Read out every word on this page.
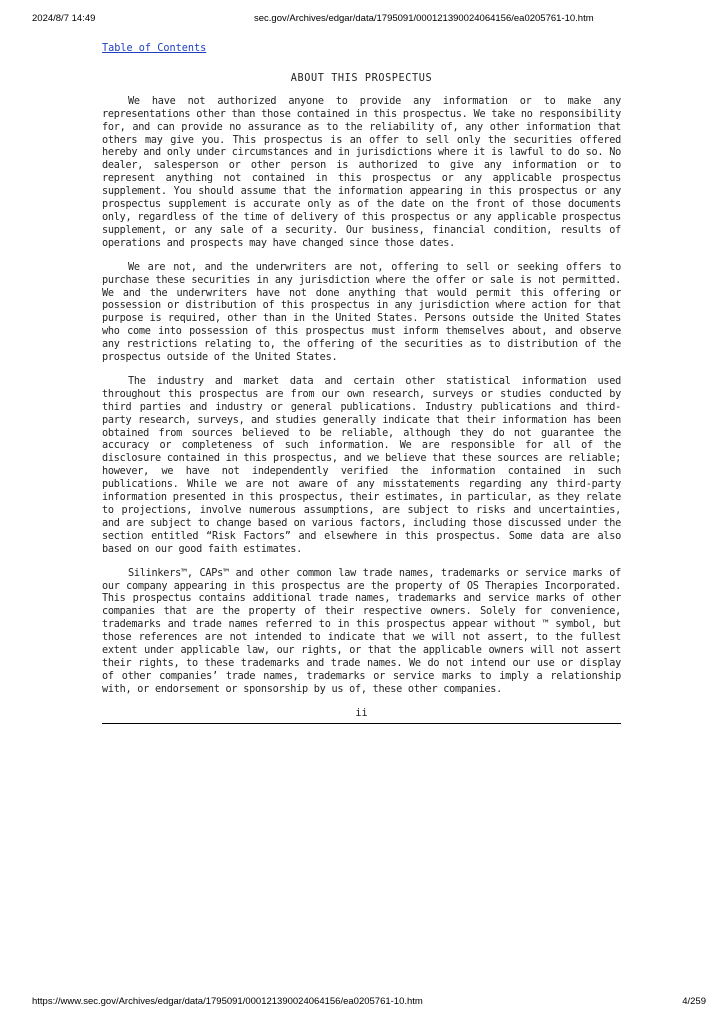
2024/8/7 14:49	sec.gov/Archives/edgar/data/1795091/000121390024064156/ea0205761-10.htm
Table of Contents
ABOUT THIS PROSPECTUS

We have not authorized anyone to provide any information or to make any representations other than those contained in this prospectus. We take no responsibility for, and can provide no assurance as to the reliability of, any other information that others may give you. This prospectus is an offer to sell only the securities offered hereby and only under circumstances and in jurisdictions where it is lawful to do so. No dealer, salesperson or other person is authorized to give any information or to represent anything not contained in this prospectus or any applicable prospectus supplement. You should assume that the information appearing in this prospectus or any prospectus supplement is accurate only as of the date on the front of those documents only, regardless of the time of delivery of this prospectus or any applicable prospectus supplement, or any sale of a security. Our business, financial condition, results of operations and prospects may have changed since those dates.

We are not, and the underwriters are not, offering to sell or seeking offers to purchase these securities in any jurisdiction where the offer or sale is not permitted. We and the underwriters have not done anything that would permit this offering or possession or distribution of this prospectus in any jurisdiction where action for that purpose is required, other than in the United States. Persons outside the United States who come into possession of this prospectus must inform themselves about, and observe any restrictions relating to, the offering of the securities as to distribution of the prospectus outside of the United States.

The industry and market data and certain other statistical information used throughout this prospectus are from our own research, surveys or studies conducted by third parties and industry or general publications. Industry publications and third-party research, surveys, and studies generally indicate that their information has been obtained from sources believed to be reliable, although they do not guarantee the accuracy or completeness of such information. We are responsible for all of the disclosure contained in this prospectus, and we believe that these sources are reliable; however, we have not independently verified the information contained in such publications. While we are not aware of any misstatements regarding any third-party information presented in this prospectus, their estimates, in particular, as they relate to projections, involve numerous assumptions, are subject to risks and uncertainties, and are subject to change based on various factors, including those discussed under the section entitled “Risk Factors” and elsewhere in this prospectus. Some data are also based on our good faith estimates.

Silinkers™, CAPs™ and other common law trade names, trademarks or service marks of our company appearing in this prospectus are the property of OS Therapies Incorporated. This prospectus contains additional trade names, trademarks and service marks of other companies that are the property of their respective owners. Solely for convenience, trademarks and trade names referred to in this prospectus appear without ™ symbol, but those references are not intended to indicate that we will not assert, to the fullest extent under applicable law, our rights, or that the applicable owners will not assert their rights, to these trademarks and trade names. We do not intend our use or display of other companies’ trade names, trademarks or service marks to imply a relationship with, or endorsement or sponsorship by us of, these other companies.

ii
https://www.sec.gov/Archives/edgar/data/1795091/000121390024064156/ea0205761-10.htm	4/259
